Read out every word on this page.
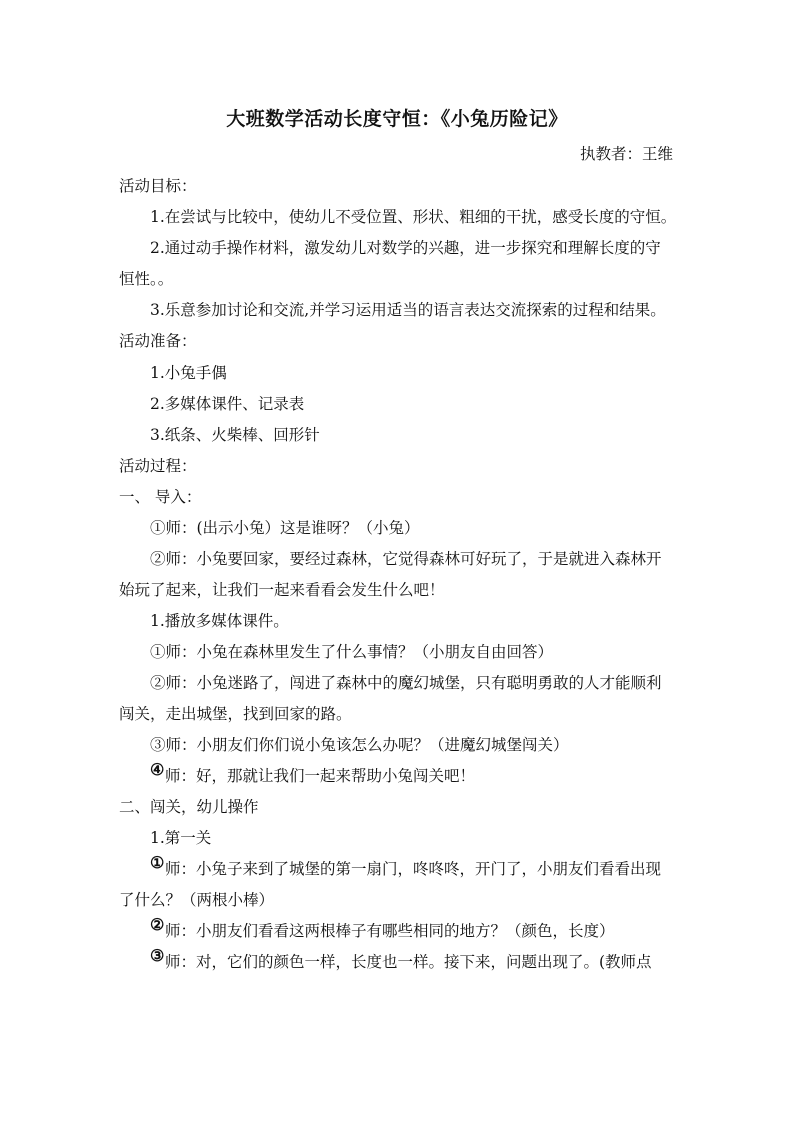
大班数学活动长度守恒：《小兔历险记》
执教者：王维
活动目标：
1.在尝试与比较中，使幼儿不受位置、形状、粗细的干扰，感受长度的守恒。
2.通过动手操作材料，激发幼儿对数学的兴趣，进一步探究和理解长度的守
恒性。。
3.乐意参加讨论和交流,并学习运用适当的语言表达交流探索的过程和结果。
活动准备：
1.小兔手偶
2.多媒体课件、记录表
3.纸条、火柴棒、回形针
活动过程：
一、 导入：
①师：(出示小兔）这是谁呀？（小兔）
②师：小兔要回家，要经过森林，它觉得森林可好玩了，于是就进入森林开
始玩了起来，让我们一起来看看会发生什么吧！
1.播放多媒体课件。
①师：小兔在森林里发生了什么事情？（小朋友自由回答）
②师：小兔迷路了，闯进了森林中的魔幻城堡，只有聪明勇敢的人才能顺利
闯关，走出城堡，找到回家的路。
③师：小朋友们你们说小兔该怎么办呢？（进魔幻城堡闯关）
④ 师：好，那就让我们一起来帮助小兔闯关吧！
二、闯关，幼儿操作
1.第一关
① 师：小兔子来到了城堡的第一扇门，咚咚咚，开门了，小朋友们看看出现
了什么？（两根小棒）
② 师：小朋友们看看这两根棒子有哪些相同的地方？（颜色，长度）
③ 师：对，它们的颜色一样，长度也一样。接下来，问题出现了。(教师点
